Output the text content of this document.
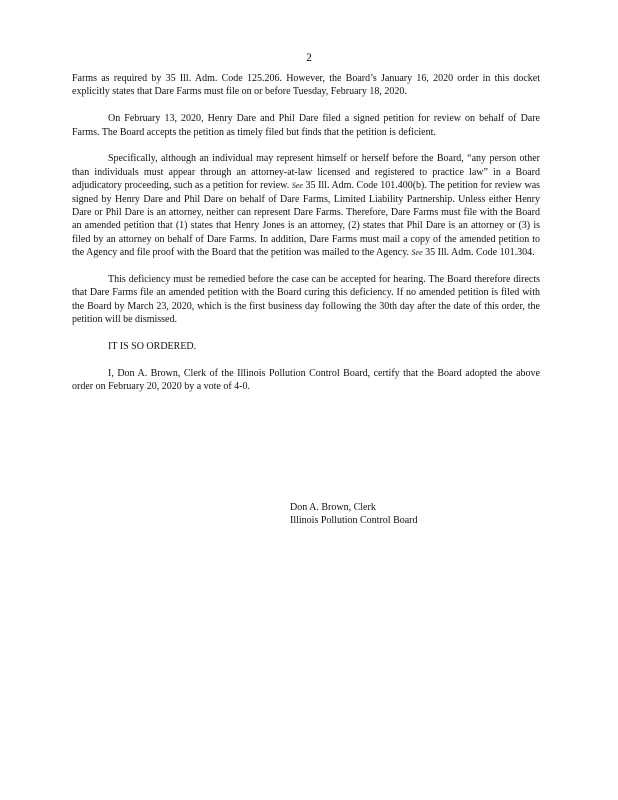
2

Farms as required by 35 Ill. Adm. Code 125.206. However, the Board’s January 16, 2020 order in this docket explicitly states that Dare Farms must file on or before Tuesday, February 18, 2020.

On February 13, 2020, Henry Dare and Phil Dare filed a signed petition for review on behalf of Dare Farms. The Board accepts the petition as timely filed but finds that the petition is deficient.

Specifically, although an individual may represent himself or herself before the Board, “any person other than individuals must appear through an attorney-at-law licensed and registered to practice law” in a Board adjudicatory proceeding, such as a petition for review. See 35 Ill. Adm. Code 101.400(b). The petition for review was signed by Henry Dare and Phil Dare on behalf of Dare Farms, Limited Liability Partnership. Unless either Henry Dare or Phil Dare is an attorney, neither can represent Dare Farms. Therefore, Dare Farms must file with the Board an amended petition that (1) states that Henry Jones is an attorney, (2) states that Phil Dare is an attorney or (3) is filed by an attorney on behalf of Dare Farms. In addition, Dare Farms must mail a copy of the amended petition to the Agency and file proof with the Board that the petition was mailed to the Agency. See 35 Ill. Adm. Code 101.304.

This deficiency must be remedied before the case can be accepted for hearing. The Board therefore directs that Dare Farms file an amended petition with the Board curing this deficiency. If no amended petition is filed with the Board by March 23, 2020, which is the first business day following the 30th day after the date of this order, the petition will be dismissed.

IT IS SO ORDERED.

I, Don A. Brown, Clerk of the Illinois Pollution Control Board, certify that the Board adopted the above order on February 20, 2020 by a vote of 4-0.

Don A. Brown, Clerk
Illinois Pollution Control Board
